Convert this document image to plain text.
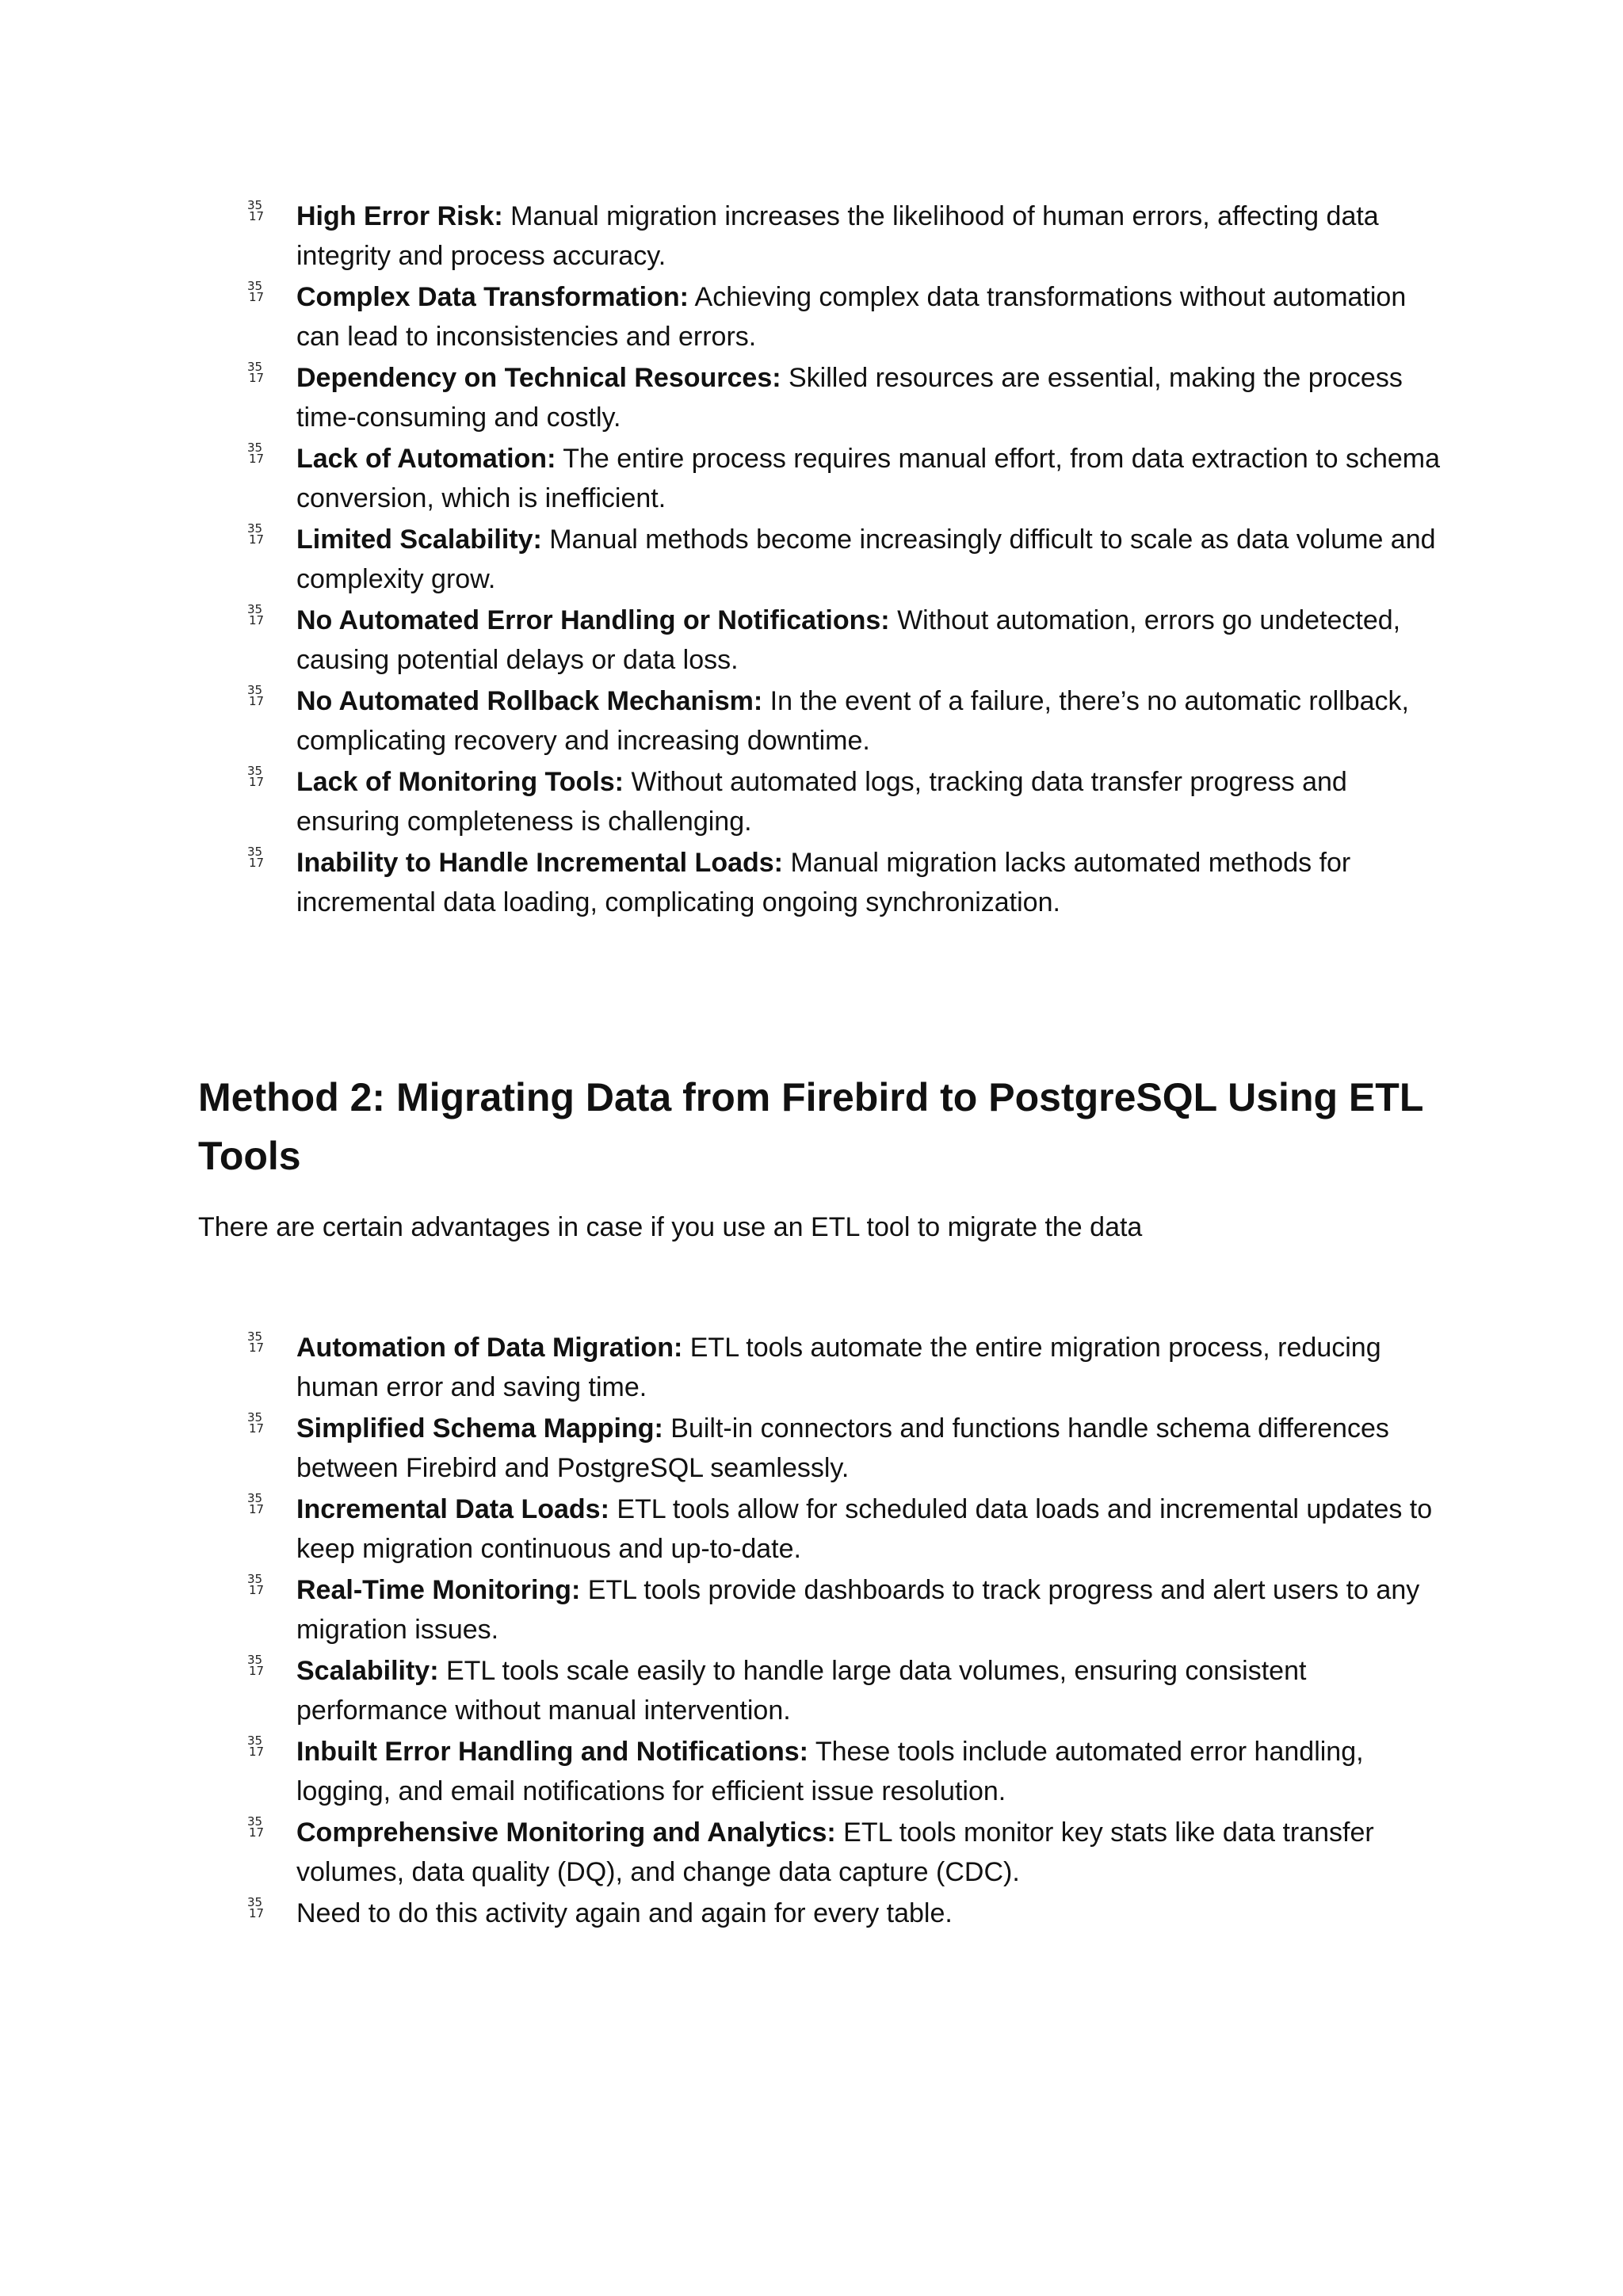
35
17 High Error Risk: Manual migration increases the likelihood of human errors, affecting data integrity and process accuracy.
35
17 Complex Data Transformation: Achieving complex data transformations without automation can lead to inconsistencies and errors.
35
17 Dependency on Technical Resources: Skilled resources are essential, making the process time-consuming and costly.
35
17 Lack of Automation: The entire process requires manual effort, from data extraction to schema conversion, which is inefficient.
35
17 Limited Scalability: Manual methods become increasingly difficult to scale as data volume and complexity grow.
35
17 No Automated Error Handling or Notifications: Without automation, errors go undetected, causing potential delays or data loss.
35
17 No Automated Rollback Mechanism: In the event of a failure, there’s no automatic rollback, complicating recovery and increasing downtime.
35
17 Lack of Monitoring Tools: Without automated logs, tracking data transfer progress and ensuring completeness is challenging.
35
17 Inability to Handle Incremental Loads: Manual migration lacks automated methods for incremental data loading, complicating ongoing synchronization.
Method 2: Migrating Data from Firebird to PostgreSQL Using ETL Tools

There are certain advantages in case if you use an ETL tool to migrate the data

35
17 Automation of Data Migration: ETL tools automate the entire migration process, reducing human error and saving time.
35
17 Simplified Schema Mapping: Built-in connectors and functions handle schema differences between Firebird and PostgreSQL seamlessly.
35
17 Incremental Data Loads: ETL tools allow for scheduled data loads and incremental updates to keep migration continuous and up-to-date.
35
17 Real-Time Monitoring: ETL tools provide dashboards to track progress and alert users to any migration issues.
35
17 Scalability: ETL tools scale easily to handle large data volumes, ensuring consistent performance without manual intervention.
35
17 Inbuilt Error Handling and Notifications: These tools include automated error handling, logging, and email notifications for efficient issue resolution.
35
17 Comprehensive Monitoring and Analytics: ETL tools monitor key stats like data transfer volumes, data quality (DQ), and change data capture (CDC).
35
17 Need to do this activity again and again for every table.
